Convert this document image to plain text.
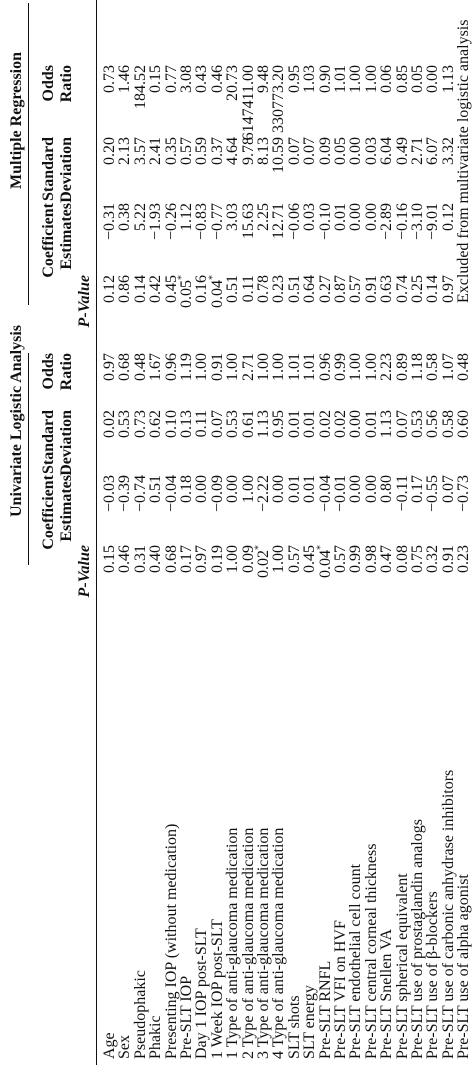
Univariate Logistic Analysis
Multiple Regression
P-Value
Coefficient Estimates
Standard Deviation
Odds Ratio
P-Value
Coefficient Estimates
Standard Deviation
Odds Ratio
Age
0.15
−0.03
0.02
0.97
0.12
−0.31
0.20
0.73
Sex
0.46
−0.39
0.53
0.68
0.86
0.38
2.13
1.46
Pseudophakic
0.31
−0.74
0.73
0.48
0.14
5.22
3.57
184.52
Phakic
0.40
0.51
0.62
1.67
0.42
−1.93
2.41
0.15
Presenting IOP (without medication)
0.68
−0.04
0.10
0.96
0.45
−0.26
0.35
0.77
Pre-SLT IOP
0.17
0.18
0.13
1.19
0.05*
1.12
0.57
3.08
Day 1 IOP post-SLT
0.97
0.00
0.11
1.00
0.16
−0.83
0.59
0.43
1 Week IOP post-SLT
0.19
−0.09
0.07
0.91
0.04*
−0.77
0.37
0.46
1 Type of anti-glaucoma medication
1.00
0.00
0.53
1.00
0.51
3.03
4.64
20.73
2 Type of anti-glaucoma medication
0.09
1.00
0.61
2.71
0.11
15.63
9.78
6147411.00
3 Type of anti-glaucoma medication
0.02*
−2.22
1.13
1.00
0.78
2.25
8.13
9.48
4 Type of anti-glaucoma medication
1.00
0.00
0.95
1.00
0.23
12.71
10.59
330773.20
SLT shots
0.57
0.01
0.01
1.01
0.51
−0.06
0.07
0.95
SLT energy
0.45
0.01
0.01
1.01
0.64
0.03
0.07
1.03
Pre-SLT RNFL
0.04*
−0.04
0.02
0.96
0.27
−0.10
0.09
0.90
Pre-SLT VFI on HVF
0.57
−0.01
0.02
0.99
0.87
0.01
0.05
1.01
Pre-SLT endothelial cell count
0.99
0.00
0.00
1.00
0.57
0.00
0.00
1.00
Pre-SLT central corneal thickness
0.98
0.00
0.01
1.00
0.91
0.00
0.03
1.00
Pre-SLT Snellen VA
0.47
0.80
1.13
2.23
0.63
−2.89
6.04
0.06
Pre-SLT spherical equivalent
0.08
−0.11
0.07
0.89
0.74
−0.16
0.49
0.85
Pre-SLT use of prostaglandin analogs
0.75
0.17
0.53
1.18
0.25
−3.10
2.71
0.05
Pre-SLT use of β-blockers
0.32
−0.55
0.56
0.58
0.14
−9.01
6.07
0.00
Pre-SLT use of carbonic anhydrase inhibitors
0.91
0.07
0.58
1.07
0.97
0.12
3.32
1.13
Pre-SLT use of alpha agonist
0.23
−0.73
0.60
0.48
Excluded from multivariate logistic analysis
